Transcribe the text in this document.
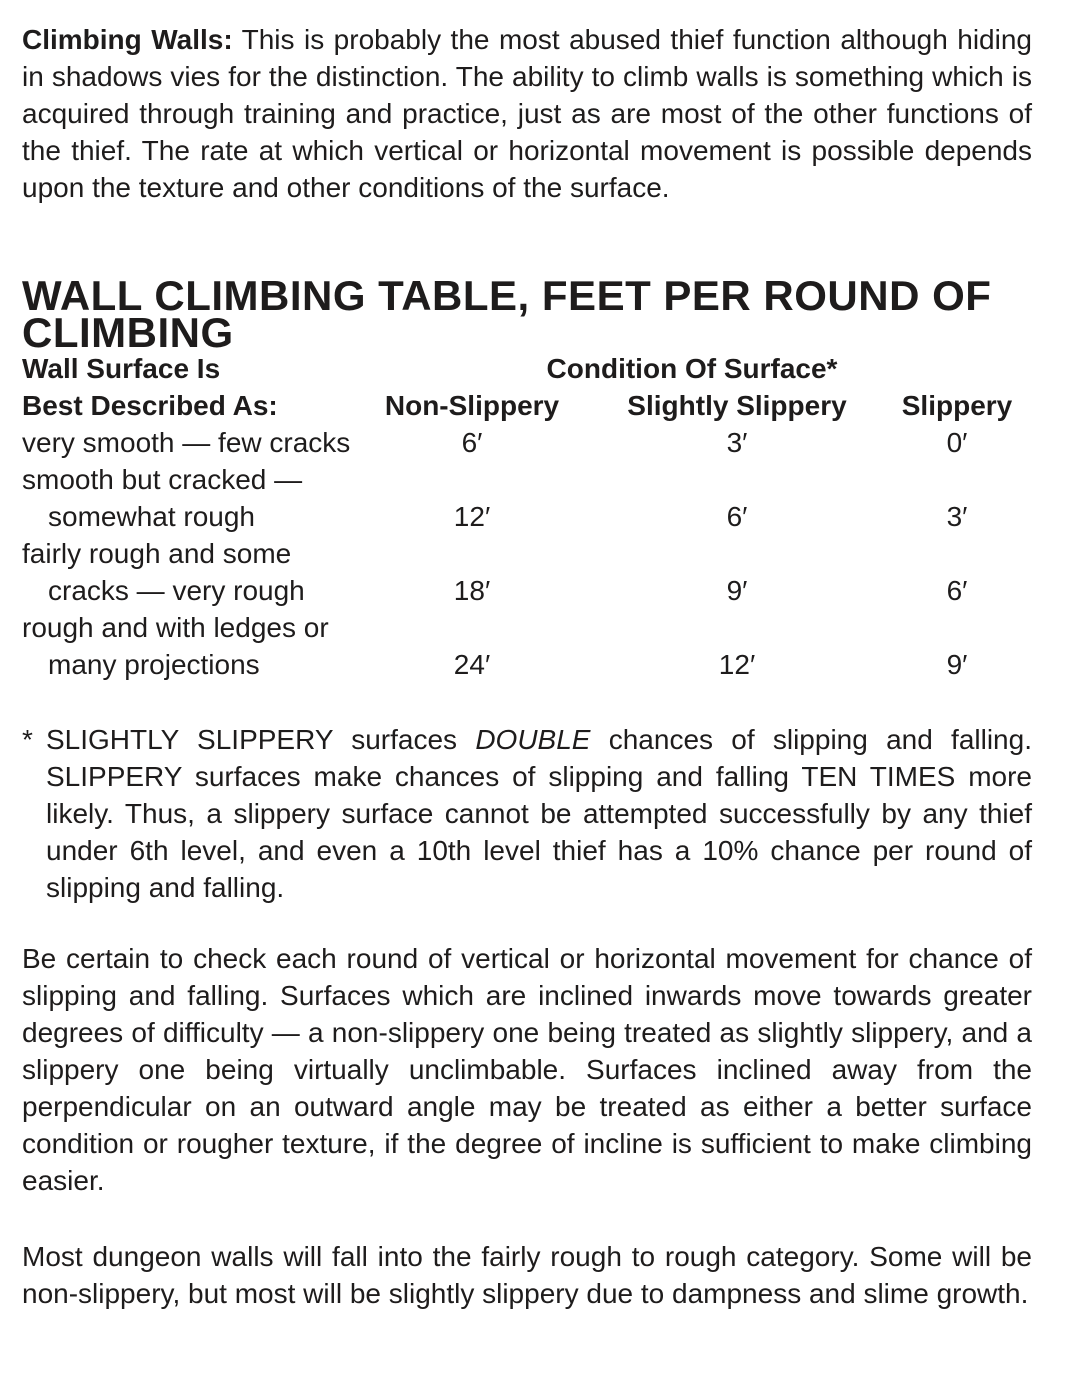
Climbing Walls: This is probably the most abused thief function although hiding in shadows vies for the distinction. The ability to climb walls is something which is acquired through training and practice, just as are most of the other functions of the thief. The rate at which vertical or horizontal movement is possible depends upon the texture and other conditions of the surface.

WALL CLIMBING TABLE, FEET PER ROUND OF CLIMBING
Wall Surface Is	Condition Of Surface*		
Best Described As:	Non-Slippery	Slightly Slippery	Slippery

very smooth — few cracks	6′	3′	0′

smooth but cracked —
somewhat rough	12′	6′	3′

fairly rough and some
cracks — very rough	18′	9′	6′

rough and with ledges or
many projections	24′	12′	9′

* SLIGHTLY SLIPPERY surfaces DOUBLE chances of slipping and falling. SLIPPERY surfaces make chances of slipping and falling TEN TIMES more likely. Thus, a slippery surface cannot be attempted successfully by any thief under 6th level, and even a 10th level thief has a 10% chance per round of slipping and falling.

Be certain to check each round of vertical or horizontal movement for chance of slipping and falling. Surfaces which are inclined inwards move towards greater degrees of difficulty — a non-slippery one being treated as slightly slippery, and a slippery one being virtually unclimbable. Surfaces inclined away from the perpendicular on an outward angle may be treated as either a better surface condition or rougher texture, if the degree of incline is sufficient to make climbing easier.

Most dungeon walls will fall into the fairly rough to rough category. Some will be non-slippery, but most will be slightly slippery due to dampness and slime growth.
